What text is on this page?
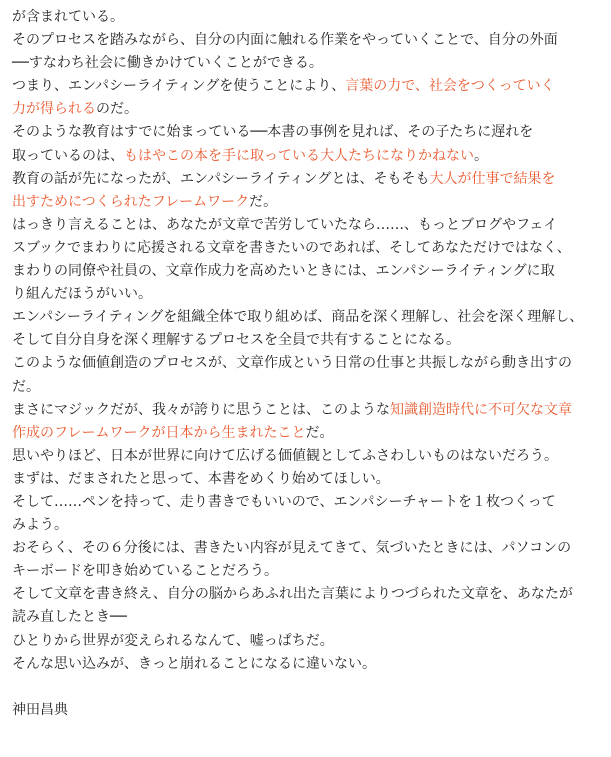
が含まれている。

そのプロセスを踏みながら、自分の内面に触れる作業をやっていくことで、自分の外面
──すなわち社会に働きかけていくことができる。

つまり、エンパシーライティングを使うことにより、言葉の力で、社会をつくっていく
力が得られるのだ。

そのような教育はすでに始まっている──本書の事例を見れば、その子たちに遅れを
取っているのは、もはやこの本を手に取っている大人たちになりかねない。

教育の話が先になったが、エンパシーライティングとは、そもそも大人が仕事で結果を
出すためにつくられたフレームワークだ。

はっきり言えることは、あなたが文章で苦労していたなら……、もっとブログやフェイ
スブックでまわりに応援される文章を書きたいのであれば、そしてあなただけではなく、
まわりの同僚や社員の、文章作成力を高めたいときには、エンパシーライティングに取
り組んだほうがいい。

エンパシーライティングを組織全体で取り組めば、商品を深く理解し、社会を深く理解し、
そして自分自身を深く理解するプロセスを全員で共有することになる。

このような価値創造のプロセスが、文章作成という日常の仕事と共振しながら動き出すの
だ。

まさにマジックだが、我々が誇りに思うことは、このような知識創造時代に不可欠な文章
作成のフレームワークが日本から生まれたことだ。

思いやりほど、日本が世界に向けて広げる価値観としてふさわしいものはないだろう。

まずは、だまされたと思って、本書をめくり始めてほしい。

そして……ペンを持って、走り書きでもいいので、エンパシーチャートを１枚つくって
みよう。

おそらく、その６分後には、書きたい内容が見えてきて、気づいたときには、パソコンの
キーボードを叩き始めていることだろう。

そして文章を書き終え、自分の脳からあふれ出た言葉によりつづられた文章を、あなたが
読み直したとき──

ひとりから世界が変えられるなんて、嘘っぱちだ。

そんな思い込みが、きっと崩れることになるに違いない。

神田昌典
